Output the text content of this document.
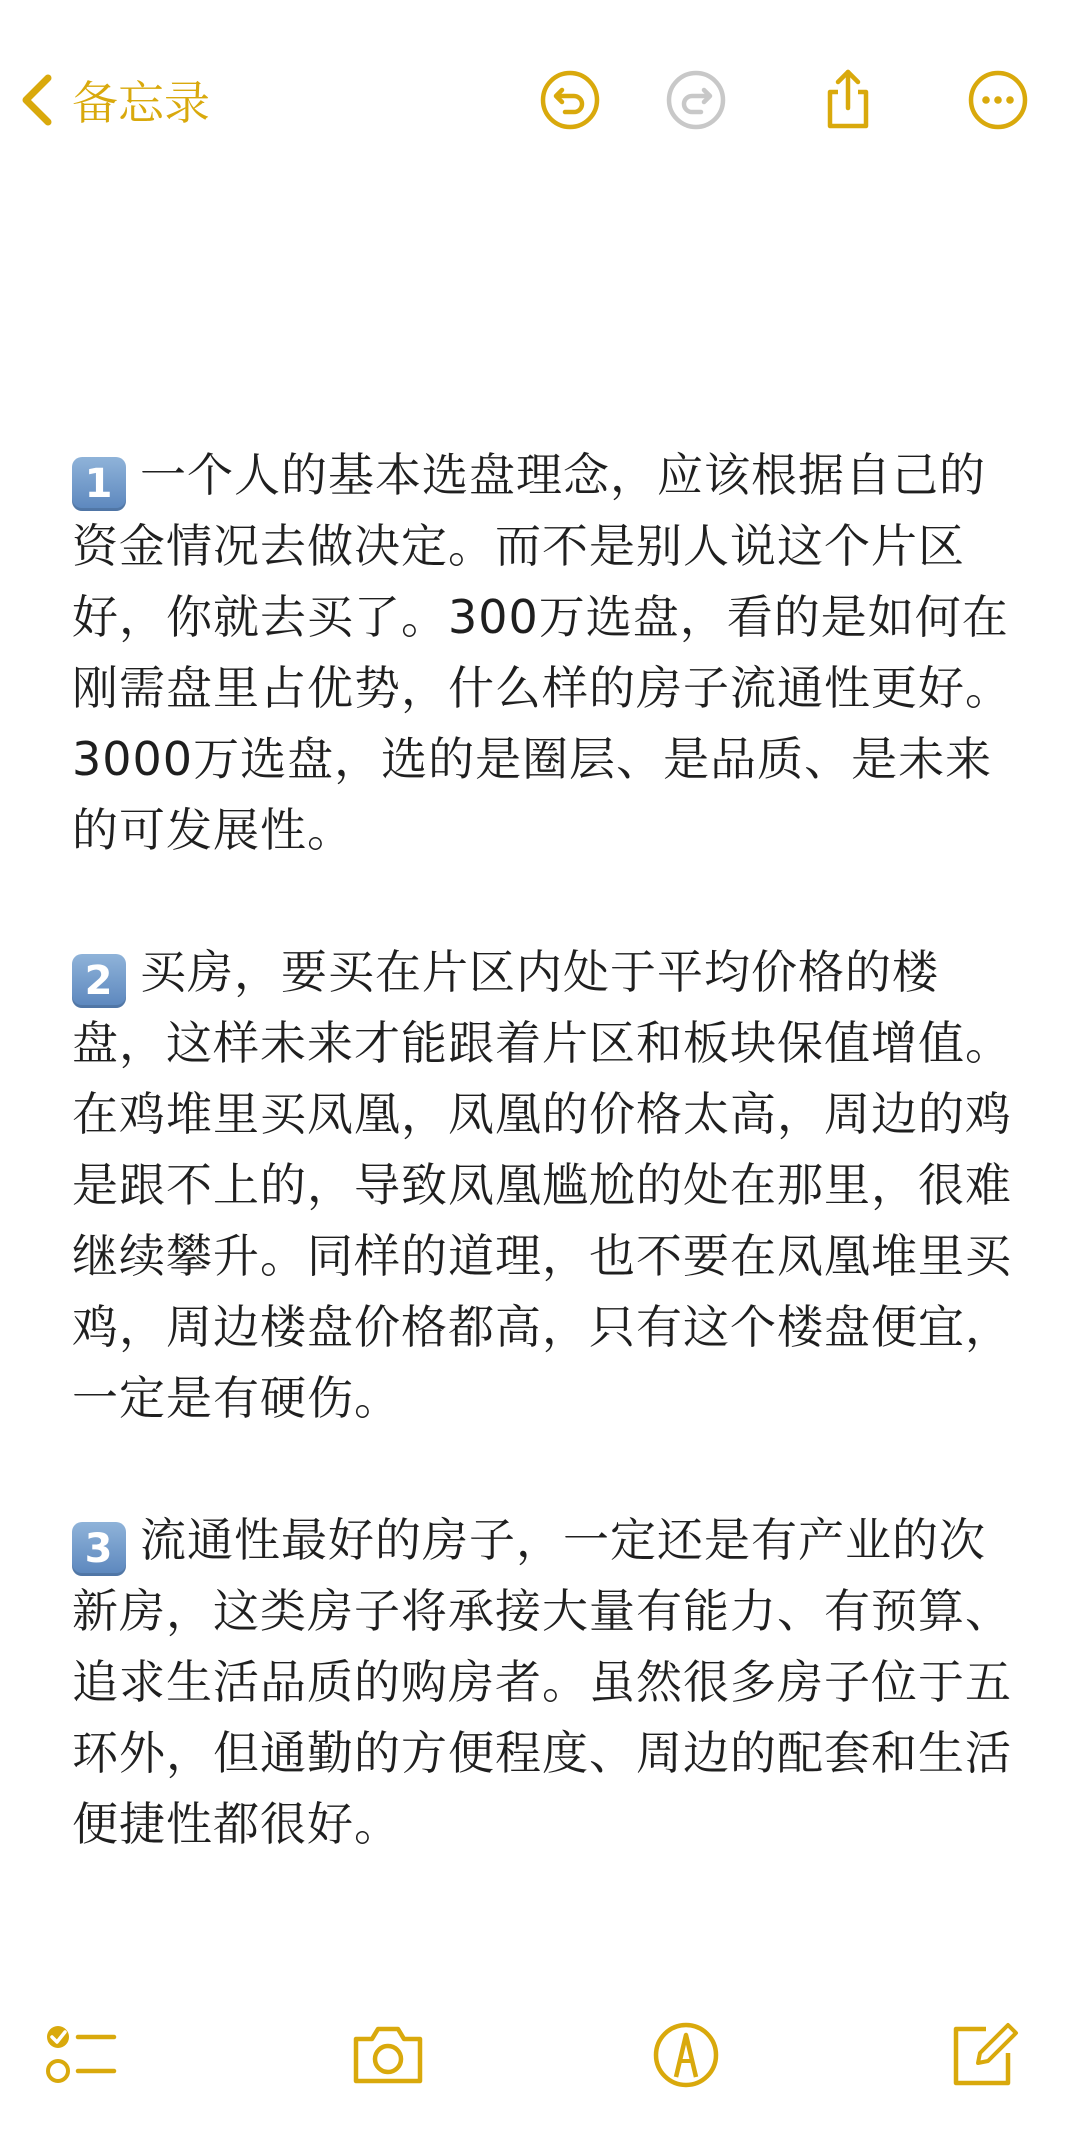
备忘录

1 一个人的基本选盘理念，应该根据自己的资金情况去做决定。而不是别人说这个片区好，你就去买了。300万选盘，看的是如何在刚需盘里占优势，什么样的房子流通性更好。3000万选盘，选的是圈层、是品质、是未来的可发展性。

2 买房，要买在片区内处于平均价格的楼盘，这样未来才能跟着片区和板块保值增值。在鸡堆里买凤凰，凤凰的价格太高，周边的鸡是跟不上的，导致凤凰尴尬的处在那里，很难继续攀升。同样的道理，也不要在凤凰堆里买鸡，周边楼盘价格都高，只有这个楼盘便宜，一定是有硬伤。

3 流通性最好的房子，一定还是有产业的次新房，这类房子将承接大量有能力、有预算、追求生活品质的购房者。虽然很多房子位于五环外，但通勤的方便程度、周边的配套和生活便捷性都很好。
